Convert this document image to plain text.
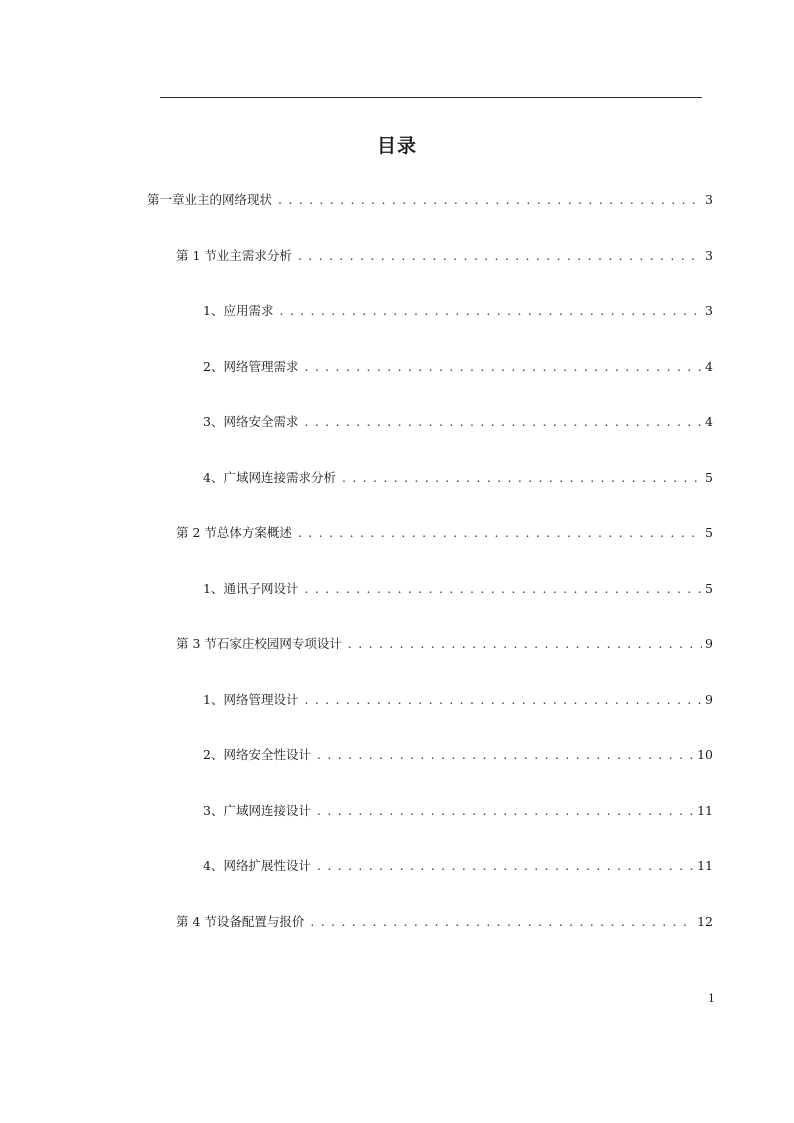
目录
第一章 业主的网络现状 . . .	3
第 1 节 业主需求分析 . . .	3
1、 应用需求 . . .	3
2、 网络管理需求 . . .	4
3、 网络安全需求 . . .	4
4、 广域网连接需求分析 . . .	5
第 2 节 总体方案概述 . . .	5
1、 通讯子网设计 . . .	5
第 3 节 石家庄校园网专项设计 . . .	9
1、 网络管理设计 . . .	9
2、 网络安全性设计 . . .	10
3、 广域网连接设计 . . .	11
4、 网络扩展性设计 . . .	11
第 4 节 设备配置与报价 . . .	12
1
